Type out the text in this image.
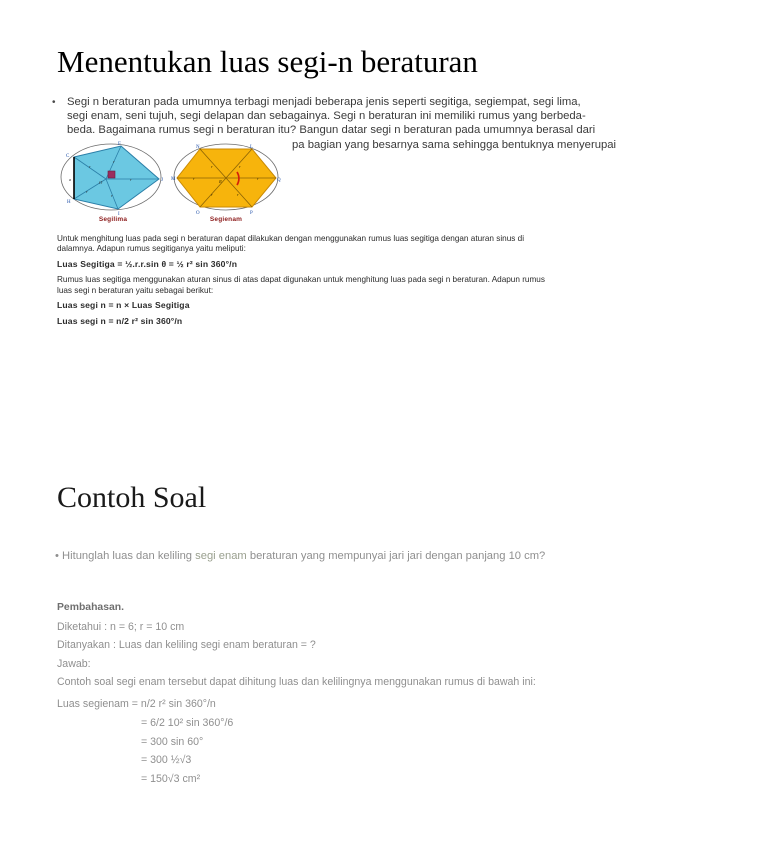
Menentukan luas segi-n beraturan
• Segi n beraturan pada umumnya terbagi menjadi beberapa jenis seperti segitiga, segiempat, segi lima,
segi enam, seni tujuh, segi delapan dan sebagainya. Segi n beraturan ini memiliki rumus yang berbeda-
beda. Bagaimana rumus segi n beraturan itu? Bangun datar segi n beraturan pada umumnya berasal dari
pa bagian yang besarnya sama sehingga bentuknya menyerupai
F
C
H
I
J
O
r
r
r
r
r
a
Segilima
N	L
M	Q
O	P
R
r	r
r
r
r
r
Segienam

Untuk menghitung luas pada segi n beraturan dapat dilakukan dengan menggunakan rumus luas segitiga dengan aturan sinus di
dalamnya. Adapun rumus segitiganya yaitu meliputi:

Luas Segitiga = ½.r.r.sin θ = ½ r² sin 360°/n

Rumus luas segitiga menggunakan aturan sinus di atas dapat digunakan untuk menghitung luas pada segi n beraturan. Adapun rumus
luas segi n beraturan yaitu sebagai berikut:

Luas segi n = n × Luas Segitiga

Luas segi n = n/2 r² sin 360°/n

Contoh Soal
• Hitunglah luas dan keliling segi enam beraturan yang mempunyai jari jari dengan panjang 10 cm?
Pembahasan.
Diketahui : n = 6; r = 10 cm
Ditanyakan : Luas dan keliling segi enam beraturan = ?
Jawab:
Contoh soal segi enam tersebut dapat dihitung luas dan kelilingnya menggunakan rumus di bawah ini:
Luas segienam = n/2 r² sin 360°/n
= 6/2 10² sin 360°/6
= 300 sin 60°
= 300 ½√3
= 150√3 cm²
